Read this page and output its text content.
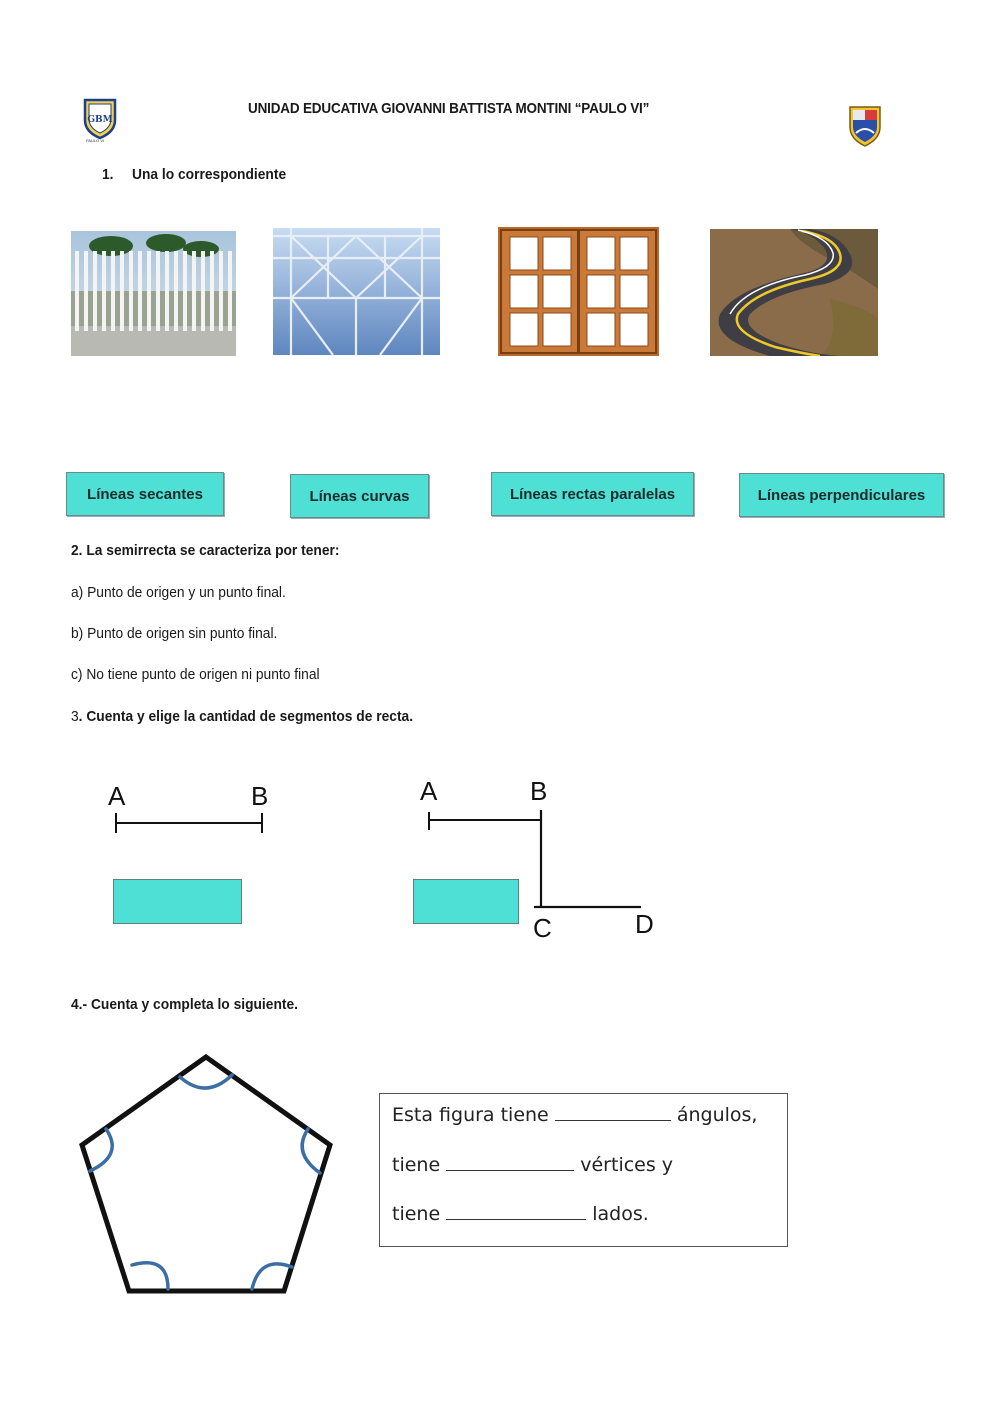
GBM
PAULO VI
UNIDAD EDUCATIVA GIOVANNI BATTISTA MONTINI “PAULO VI”
1. Una lo correspondiente
Líneas secantes	Líneas curvas	Líneas rectas paralelas	Líneas perpendiculares
2. La semirrecta se caracteriza por tener:
a) Punto de origen y un punto final.
b) Punto de origen sin punto final.
c) No tiene punto de origen ni punto final
3. Cuenta y elige la cantidad de segmentos de recta.
A	B	A	B
C	D
4.- Cuenta y completa lo siguiente.
Esta figura tiene	ángulos,
tiene	vértices y
tiene	lados.
